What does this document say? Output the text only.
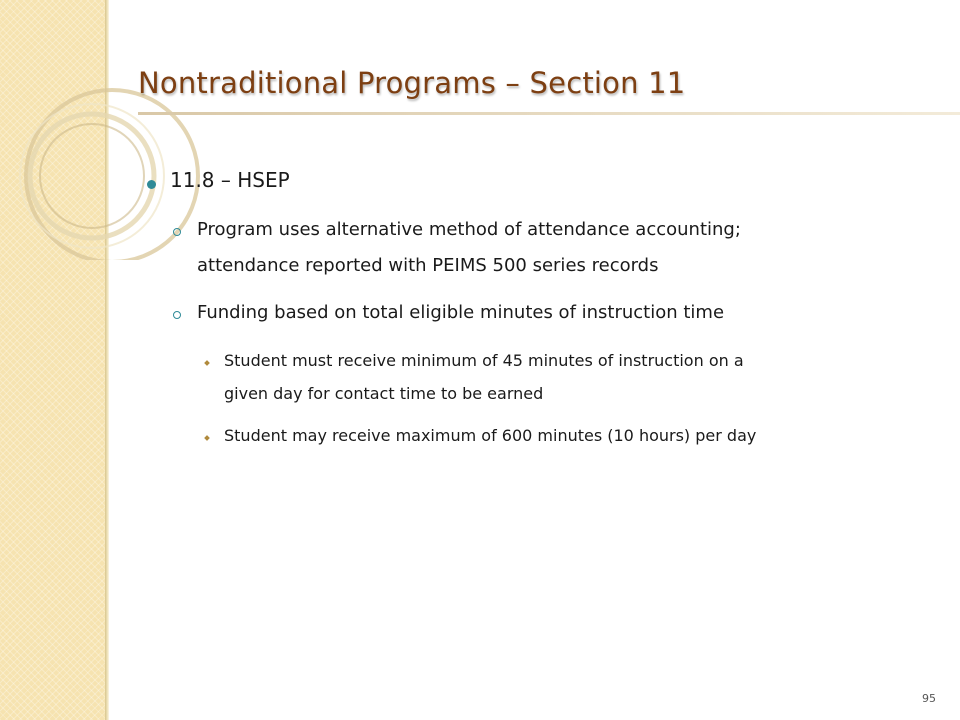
Nontraditional Programs – Section 11
11.8 – HSEP
Program uses alternative method of attendance accounting;
attendance reported with PEIMS 500 series records
Funding based on total eligible minutes of instruction time
Student must receive minimum of 45 minutes of instruction on a
given day for contact time to be earned
Student may receive maximum of 600 minutes (10 hours) per day
95
